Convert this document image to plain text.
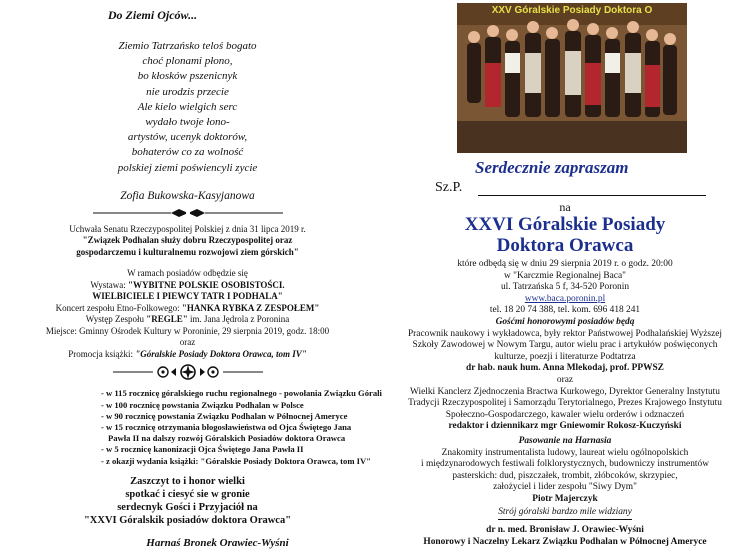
Do Ziemi Ojców...
Ziemio Tatrzańsko teloś bogato
choć plonami płono,
bo kłosków pszenicnyk
nie urodzis przecie
Ale kielo wielgich serc
wydało twoje łono-
artystów, ucenyk doktorów,
bohaterów co za wolność
polskiej ziemi poświencyli zycie
Zofia Bukowska-Kasyjanowa
Uchwała Senatu Rzeczypospolitej Polskiej z dnia 31 lipca 2019 r.
"Związek Podhalan służy dobru Rzeczypospolitej oraz
gospodarczemu i kulturalnemu rozwojowi ziem górskich"
W ramach posiadów odbędzie się
Wystawa: "WYBITNE POLSKIE OSOBISTOŚCI.
WIELBICIELE I PIEWCY TATR I PODHALA"
Koncert zespołu Etno-Folkowego: "HANKA RYBKA Z ZESPOŁEM"
Występ Zespołu "REGLE" im. Jana Jędrola z Poronina
Miejsce: Gminny Ośrodek Kultury w Poroninie, 29 sierpnia 2019, godz. 18:00
oraz
Promocja książki: "Góralskie Posiady Doktora Orawca, tom IV"
- w 115 rocznicę góralskiego ruchu regionalnego - powołania Związku Górali
- w 100 rocznicę powstania Związku Podhalan w Polsce
- w 90 rocznicę powstania Związku Podhalan w Północnej Ameryce
- w 15 rocznicę otrzymania błogosławieństwa od Ojca Świętego Jana
Pawła II na dalszy rozwój Góralskich Posiadów doktora Orawca
- w 5 rocznicę kanonizacji Ojca Świętego Jana Pawła II
- z okazji wydania książki: "Góralskie Posiady Doktora Orawca, tom IV"
Zaszczyt to i honor wielki
spotkać i ciesyć sie w gronie
serdecnyk Gości i Przyjaciół na
"XXVI Góralskik posiadów doktora Orawca"
Harnaś Bronek Orawiec-Wyśni
XXV Góralskie Posiady Doktora O
Serdecznie zapraszam
Sz.P.
na
XXVI Góralskie Posiady
Doktora Orawca
które odbędą się w dniu 29 sierpnia 2019 r. o godz. 20:00
w "Karczmie Regionalnej Baca"
ul. Tatrzańska 5 f, 34-520 Poronin
www.baca.poronin.pl
tel. 18 20 74 388, tel. kom. 696 418 241
Gośćmi honorowymi posiadów będą
Pracownik naukowy i wykładowca, były rektor Państwowej Podhalańskiej Wyższej
Szkoły Zawodowej w Nowym Targu, autor wielu prac i artykułów poświęconych
kulturze, poezji i literaturze Podtatrza
dr hab. nauk hum. Anna Mlekodaj, prof. PPWSZ
oraz
Wielki Kanclerz Zjednoczenia Bractwa Kurkowego, Dyrektor Generalny Instytutu
Tradycji Rzeczypospolitej i Samorządu Terytorialnego, Prezes Krajowego Instytutu
Społeczno-Gospodarczego, kawaler wielu orderów i odznaczeń
redaktor i dziennikarz mgr Gniewomir Rokosz-Kuczyński
Pasowanie na Harnasia
Znakomity instrumentalista ludowy, laureat wielu ogólnopolskich
i międzynarodowych festiwali folklorystycznych, budowniczy instrumentów
pasterskich: dud, piszczałek, trombit, złóbcoków, skrzypiec,
założyciel i lider zespołu "Siwy Dym"
Piotr Majerczyk
Strój góralski bardzo mile widziany
dr n. med. Bronisław J. Orawiec-Wyśni
Honorowy i Naczelny Lekarz Związku Podhalan w Północnej Ameryce
